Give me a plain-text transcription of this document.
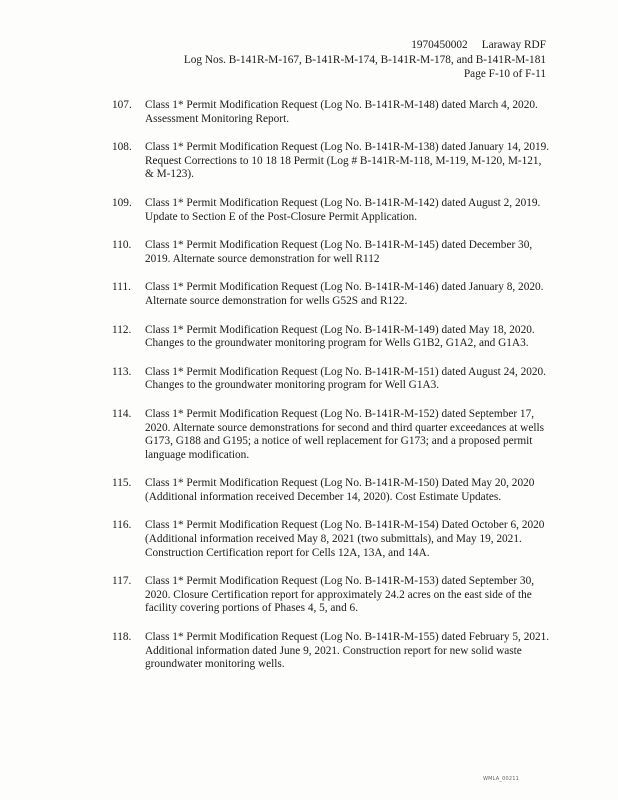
1970450002 Laraway RDF
Log Nos. B-141R-M-167, B-141R-M-174, B-141R-M-178, and B-141R-M-181
Page F-10 of F-11
107. Class 1* Permit Modification Request (Log No. B-141R-M-148) dated March 4, 2020. Assessment Monitoring Report.
108. Class 1* Permit Modification Request (Log No. B-141R-M-138) dated January 14, 2019. Request Corrections to 10 18 18 Permit (Log # B-141R-M-118, M-119, M-120, M-121, & M-123).
109. Class 1* Permit Modification Request (Log No. B-141R-M-142) dated August 2, 2019. Update to Section E of the Post-Closure Permit Application.
110. Class 1* Permit Modification Request (Log No. B-141R-M-145) dated December 30, 2019. Alternate source demonstration for well R112
111. Class 1* Permit Modification Request (Log No. B-141R-M-146) dated January 8, 2020. Alternate source demonstration for wells G52S and R122.
112. Class 1* Permit Modification Request (Log No. B-141R-M-149) dated May 18, 2020. Changes to the groundwater monitoring program for Wells G1B2, G1A2, and G1A3.
113. Class 1* Permit Modification Request (Log No. B-141R-M-151) dated August 24, 2020. Changes to the groundwater monitoring program for Well G1A3.
114. Class 1* Permit Modification Request (Log No. B-141R-M-152) dated September 17, 2020. Alternate source demonstrations for second and third quarter exceedances at wells G173, G188 and G195; a notice of well replacement for G173; and a proposed permit language modification.
115. Class 1* Permit Modification Request (Log No. B-141R-M-150) Dated May 20, 2020 (Additional information received December 14, 2020). Cost Estimate Updates.
116. Class 1* Permit Modification Request (Log No. B-141R-M-154) Dated October 6, 2020 (Additional information received May 8, 2021 (two submittals), and May 19, 2021. Construction Certification report for Cells 12A, 13A, and 14A.
117. Class 1* Permit Modification Request (Log No. B-141R-M-153) dated September 30, 2020. Closure Certification report for approximately 24.2 acres on the east side of the facility covering portions of Phases 4, 5, and 6.
118. Class 1* Permit Modification Request (Log No. B-141R-M-155) dated February 5, 2021. Additional information dated June 9, 2021. Construction report for new solid waste groundwater monitoring wells.
WMLA_00211
